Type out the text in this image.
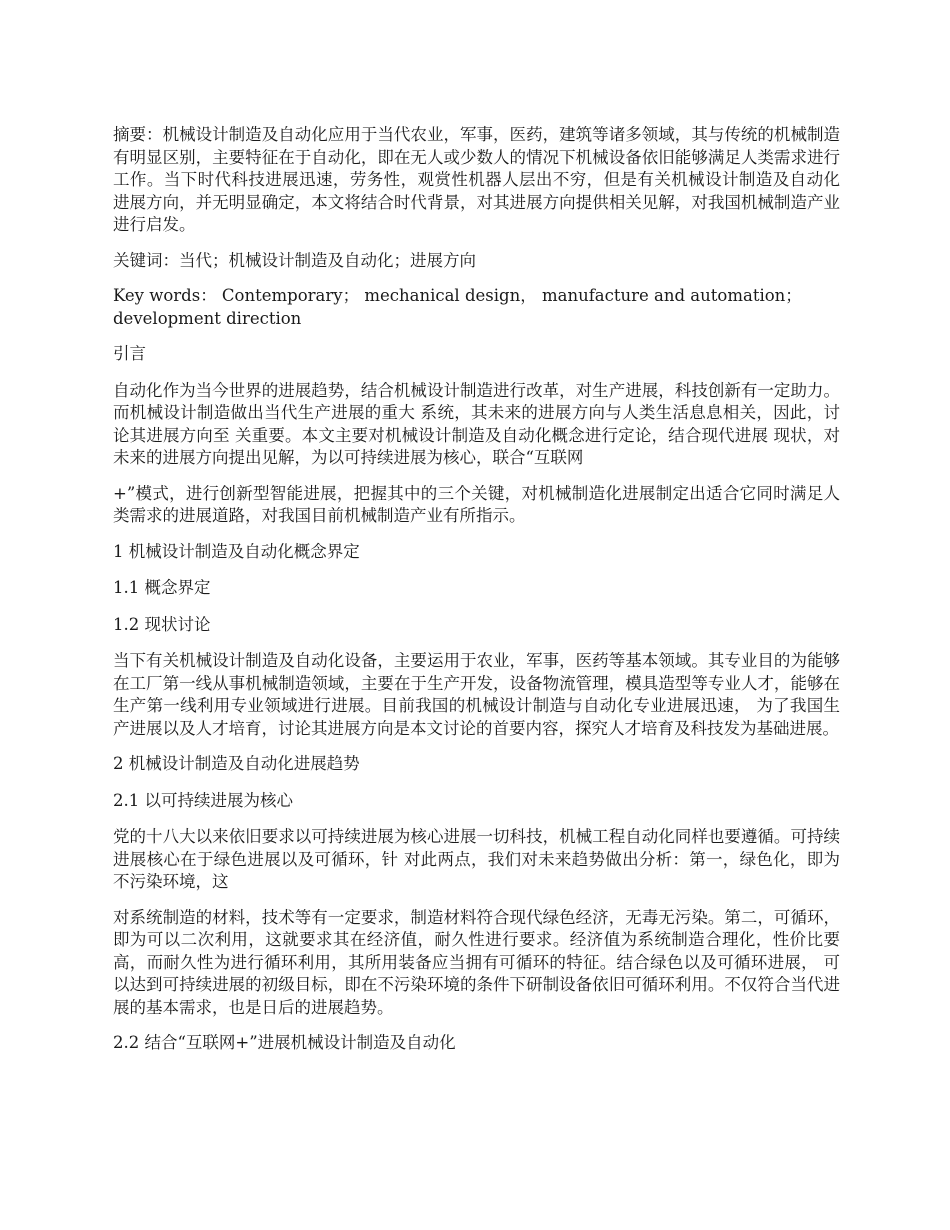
摘要：机械设计制造及自动化应用于当代农业，军事，医药，建筑等诸多领域，其与传统的机械制造有明显区别，主要特征在于自动化，即在无人或少数人的情况下机械设备依旧能够满足人类需求进行工作。当下时代科技进展迅速，劳务性，观赏性机器人层出不穷，但是有关机械设计制造及自动化 进展方向，并无明显确定，本文将结合时代背景，对其进展方向提供相关见解，对我国机械制造产业进行启发。

关键词：当代；机械设计制造及自动化；进展方向

Key words： Contemporary； mechanical design， manufacture and automation； development direction

引言

自动化作为当今世界的进展趋势，结合机械设计制造进行改革，对生产进展，科技创新有一定助力。而机械设计制造做出当代生产进展的重大 系统，其未来的进展方向与人类生活息息相关，因此，讨论其进展方向至 关重要。本文主要对机械设计制造及自动化概念进行定论，结合现代进展 现状，对未来的进展方向提出见解，为以可持续进展为核心，联合“互联网

+”模式，进行创新型智能进展，把握其中的三个关键，对机械制造化进展制定出适合它同时满足人类需求的进展道路，对我国目前机械制造产业有所指示。

1 机械设计制造及自动化概念界定

1.1 概念界定

1.2 现状讨论

当下有关机械设计制造及自动化设备，主要运用于农业，军事，医药等基本领域。其专业目的为能够在工厂第一线从事机械制造领域，主要在于生产开发，设备物流管理，模具造型等专业人才，能够在生产第一线利用专业领域进行进展。目前我国的机械设计制造与自动化专业进展迅速， 为了我国生产进展以及人才培育，讨论其进展方向是本文讨论的首要内容，探究人才培育及科技发为基础进展。

2 机械设计制造及自动化进展趋势

2.1 以可持续进展为核心

党的十八大以来依旧要求以可持续进展为核心进展一切科技，机械工程自动化同样也要遵循。可持续进展核心在于绿色进展以及可循环，针 对此两点，我们对未来趋势做出分析：第一，绿色化，即为不污染环境，这

对系统制造的材料，技术等有一定要求，制造材料符合现代绿色经济，无毒无污染。第二，可循环，即为可以二次利用，这就要求其在经济值，耐久性进行要求。经济值为系统制造合理化，性价比要高，而耐久性为进行循环利用，其所用装备应当拥有可循环的特征。结合绿色以及可循环进展， 可以达到可持续进展的初级目标，即在不污染环境的条件下研制设备依旧可循环利用。不仅符合当代进展的基本需求，也是日后的进展趋势。

2.2 结合“互联网+”进展机械设计制造及自动化
